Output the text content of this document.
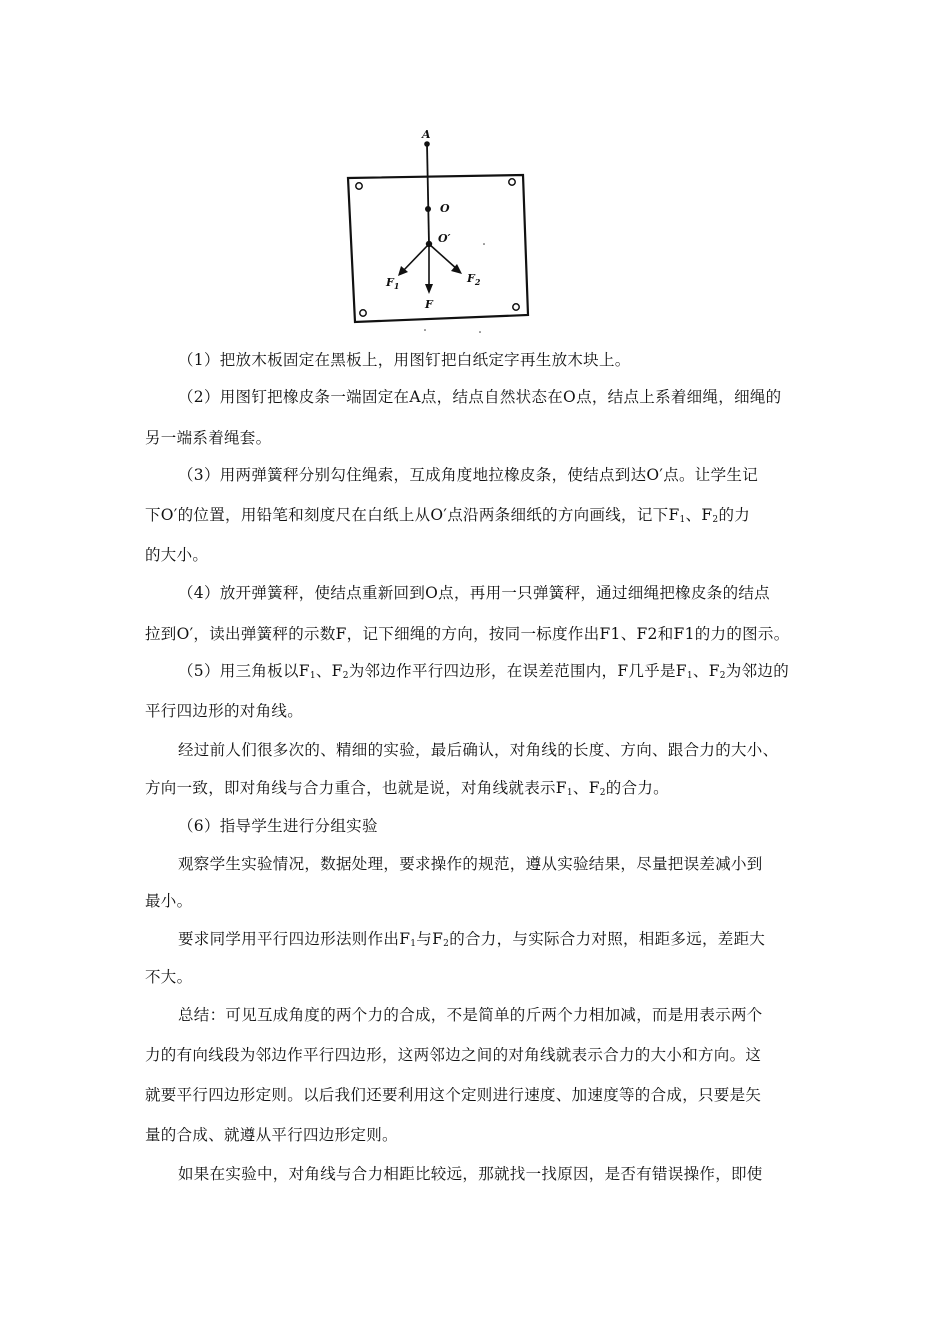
A
O
O′
$F_1$
$F_2$
F
（1）把放木板固定在黑板上，用图钉把白纸定字再生放木块上。
（2）用图钉把橡皮条一端固定在A点，结点自然状态在O点，结点上系着细绳，细绳的
另一端系着绳套。
（3）用两弹簧秤分别勾住绳索，互成角度地拉橡皮条，使结点到达O′点。让学生记
下O′的位置，用铅笔和刻度尺在白纸上从O′点沿两条细纸的方向画线，记下$F_1$、$F_2$的力
的大小。
（4）放开弹簧秤，使结点重新回到O点，再用一只弹簧秤，通过细绳把橡皮条的结点
拉到O′，读出弹簧秤的示数F，记下细绳的方向，按同一标度作出F1、F2和F1的力的图示。
（5）用三角板以$F_1$、$F_2$为邻边作平行四边形，在误差范围内，F几乎是$F_1$、$F_2$为邻边的
平行四边形的对角线。
经过前人们很多次的、精细的实验，最后确认，对角线的长度、方向、跟合力的大小、
方向一致，即对角线与合力重合，也就是说，对角线就表示$F_1$、$F_2$的合力。
（6）指导学生进行分组实验
观察学生实验情况，数据处理，要求操作的规范，遵从实验结果，尽量把误差减小到
最小。
要求同学用平行四边形法则作出$F_1$与$F_2$的合力，与实际合力对照，相距多远，差距大
不大。
总结：可见互成角度的两个力的合成，不是简单的斤两个力相加减，而是用表示两个
力的有向线段为邻边作平行四边形，这两邻边之间的对角线就表示合力的大小和方向。这
就要平行四边形定则。以后我们还要利用这个定则进行速度、加速度等的合成，只要是矢
量的合成、就遵从平行四边形定则。
如果在实验中，对角线与合力相距比较远，那就找一找原因，是否有错误操作，即使
